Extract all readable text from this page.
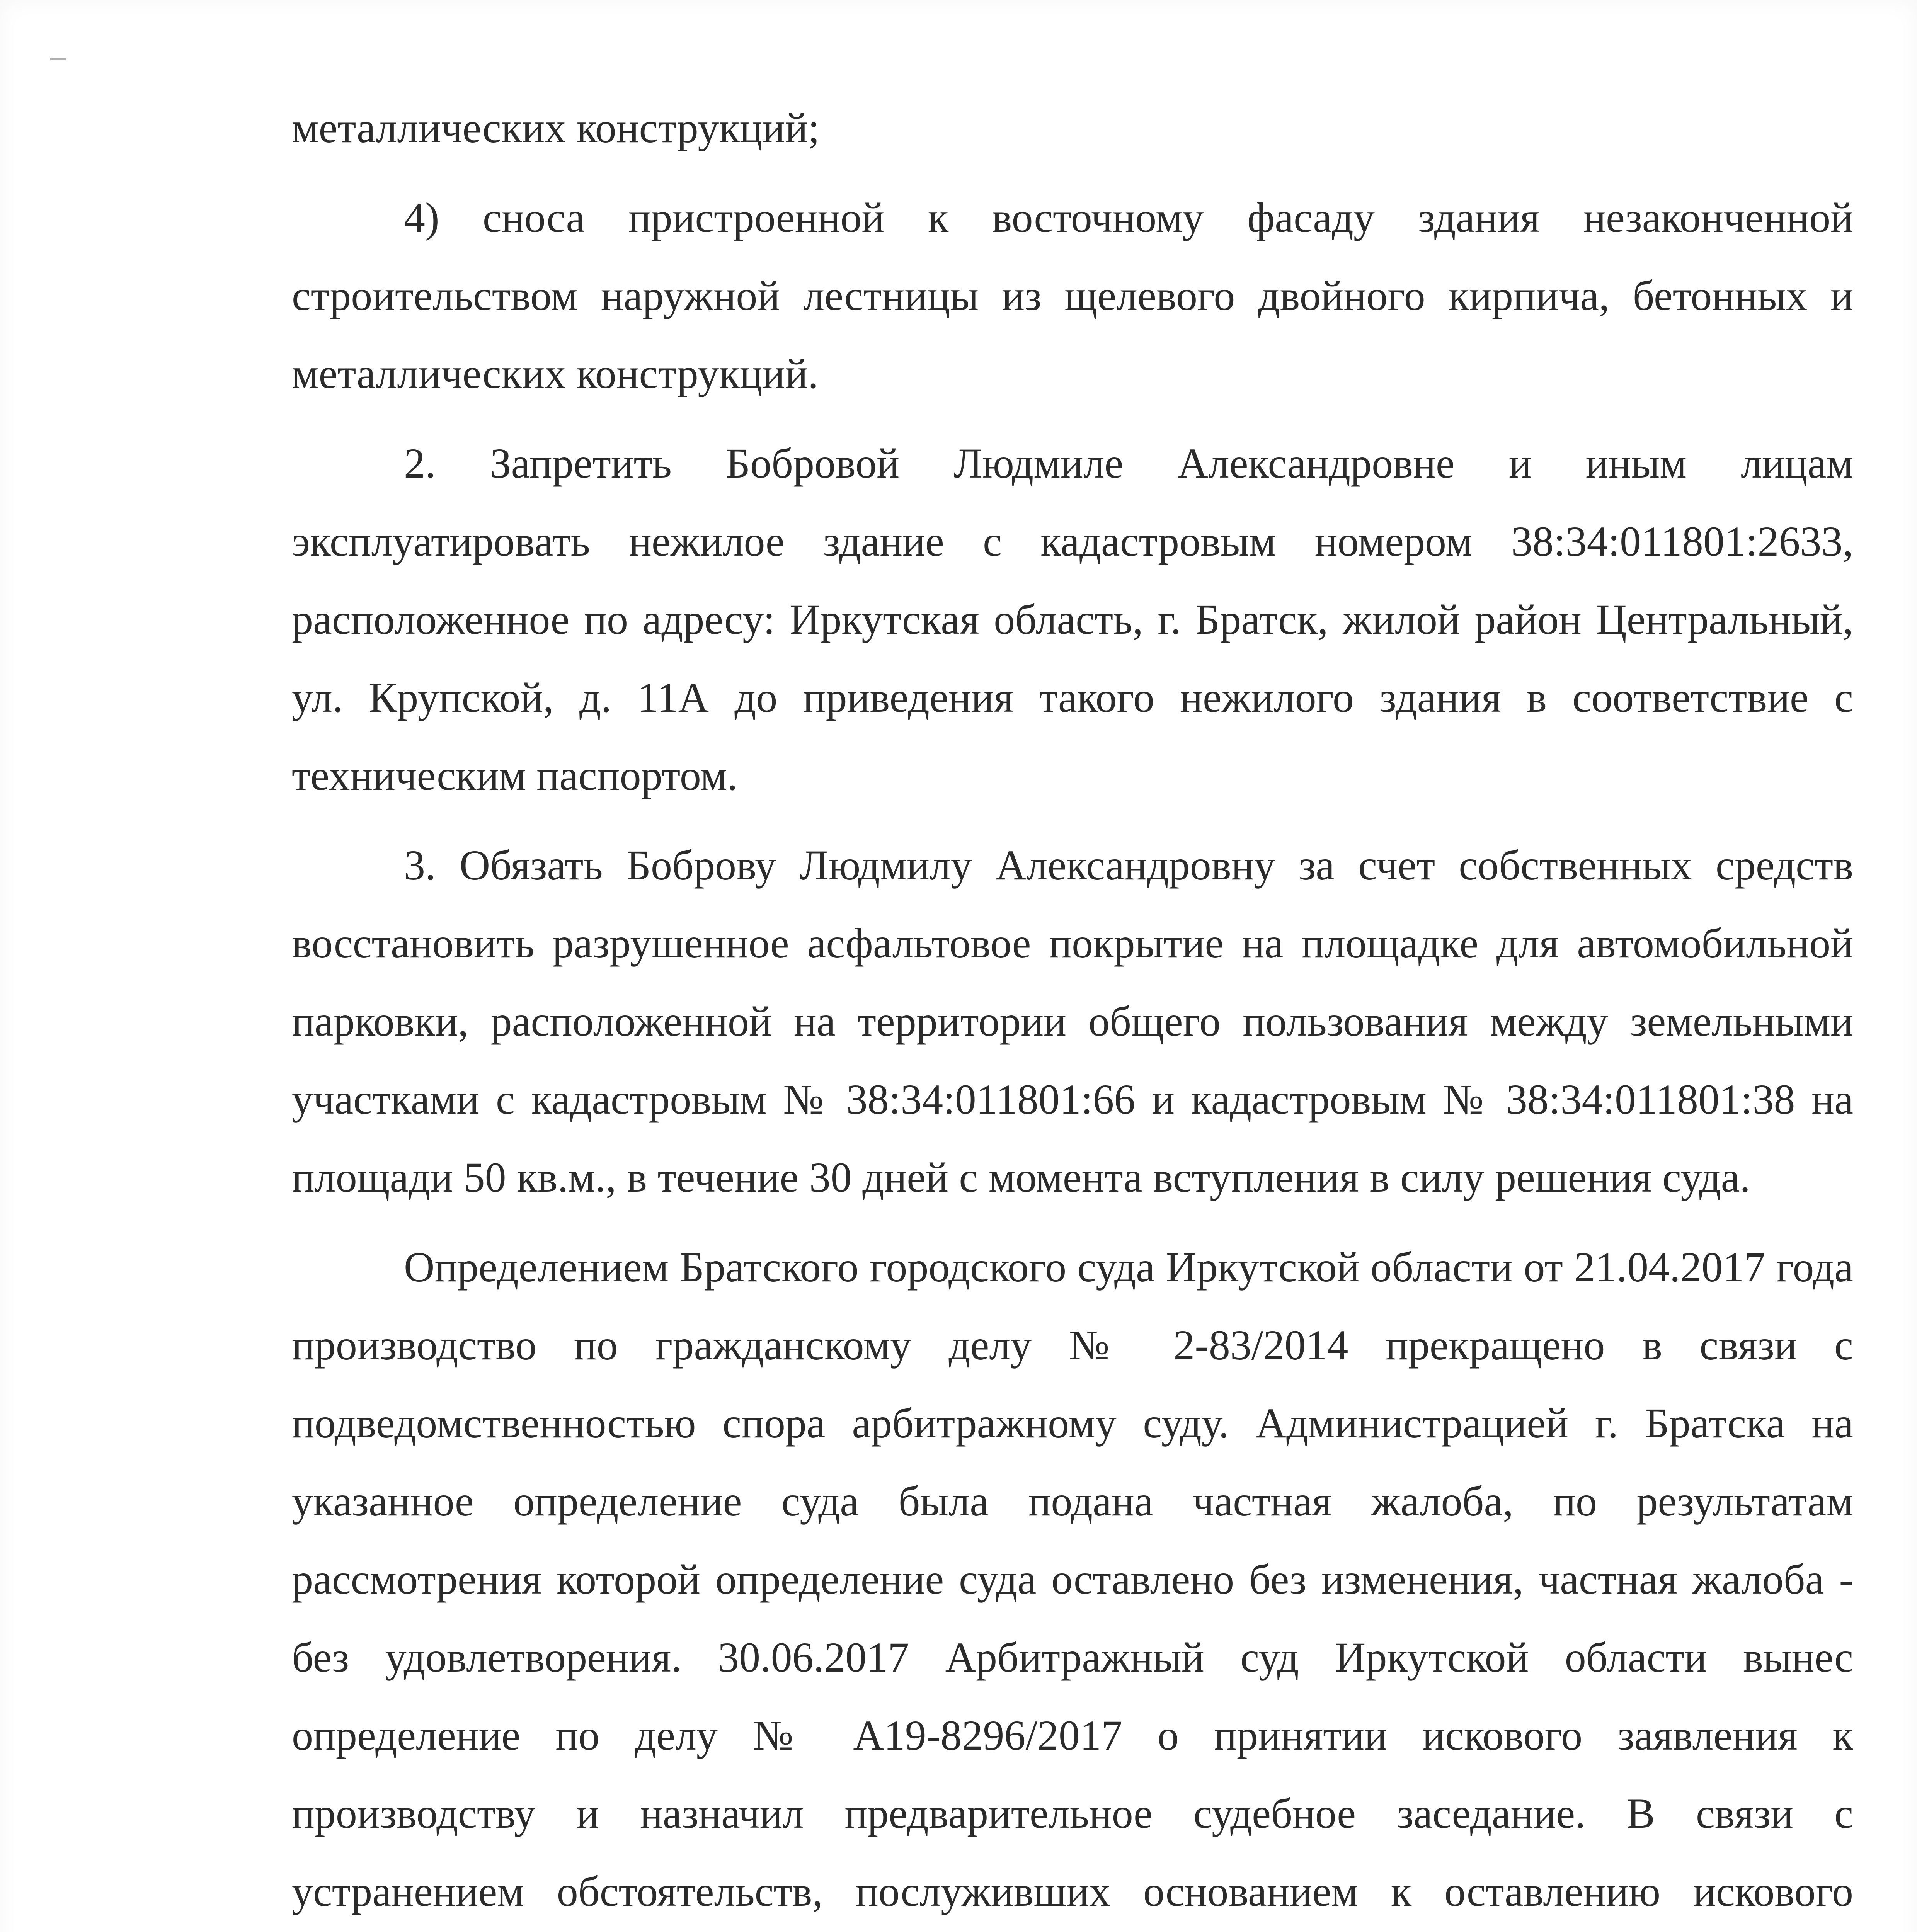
металлических конструкций;

4) сноса пристроенной к восточному фасаду здания незаконченной строительством наружной лестницы из щелевого двойного кирпича, бетонных и металлических конструкций.

2. Запретить Бобровой Людмиле Александровне и иным лицам эксплуатировать нежилое здание с кадастровым номером 38:34:011801:2633, расположенное по адресу: Иркутская область, г. Братск, жилой район Центральный, ул. Крупской, д. 11А до приведения такого нежилого здания в соответствие с техническим паспортом.

3. Обязать Боброву Людмилу Александровну за счет собственных средств восстановить разрушенное асфальтовое покрытие на площадке для автомобильной парковки, расположенной на территории общего пользования между земельными участками с кадастровым № 38:34:011801:66 и кадастровым № 38:34:011801:38 на площади 50 кв.м., в течение 30 дней с момента вступления в силу решения суда.

Определением Братского городского суда Иркутской области от 21.04.2017 года производство по гражданскому делу № 2-83/2014 прекращено в связи с подведомственностью спора арбитражному суду. Администрацией г. Братска на указанное определение суда была подана частная жалоба, по результатам рассмотрения которой определение суда оставлено без изменения, частная жалоба - без удовлетворения. 30.06.2017 Арбитражный суд Иркутской области вынес определение по делу № А19-8296/2017 о принятии искового заявления к производству и назначил предварительное судебное заседание. В связи с устранением обстоятельств, послуживших основанием к оставлению искового
